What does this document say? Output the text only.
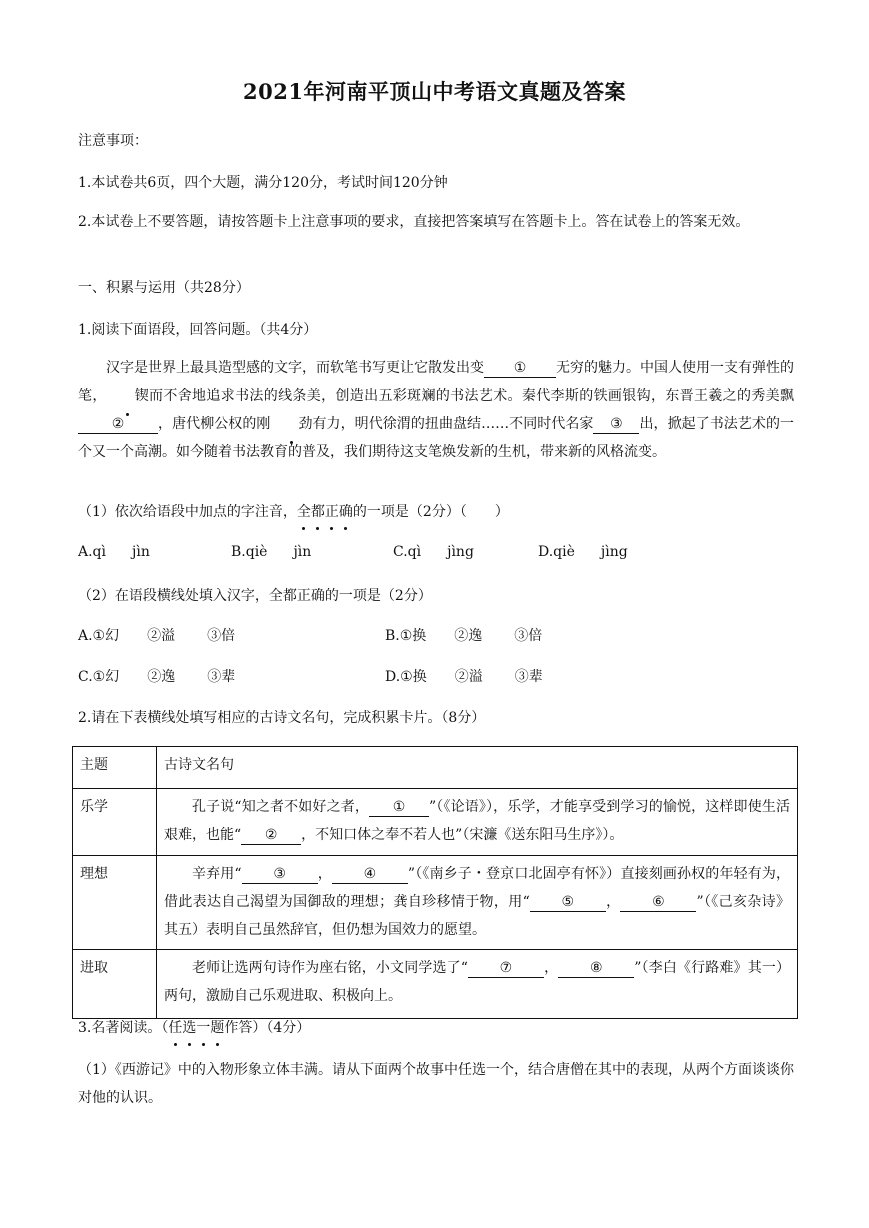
2021年河南平顶山中考语文真题及答案
注意事项：
1.本试卷共6页，四个大题，满分120分，考试时间120分钟
2.本试卷上不要答题，请按答题卡上注意事项的要求，直接把答案填写在答题卡上。答在试卷上的答案无效。
一、积累与运用（共28分）
1.阅读下面语段，回答问题。（共4分）
汉字是世界上最具造型感的文字，而软笔书写更让它散发出变 ① 无穷的魅力。中国人使用一支有弹性的笔， 锲而不舍地追求书法的线条美，创造出五彩斑斓的书法艺术。秦代李斯的铁画银钩，东晋王羲之的秀美飘② ，唐代柳公权的刚 劲有力，明代徐渭的扭曲盘结……不同时代名家 ③ 出，掀起了书法艺术的一个又一个高潮。如今随着书法教育的普及，我们期待这支笔焕发新的生机，带来新的风格流变。
（1）依次给语段中加点的字注音，全都正确的一项是（2分）（　　）
A.qì jìn	B.qiè jìn	C.qì jìng	D.qiè jìng
（2）在语段横线处填入汉字，全都正确的一项是（2分）
A.①幻 ②溢 ③倍	B.①换 ②逸 ③倍
C.①幻 ②逸 ③辈	D.①换 ②溢 ③辈
2.请在下表横线处填写相应的古诗文名句，完成积累卡片。（8分）
主题	古诗文名句
乐学	孔子说“知之者不如好之者， ① ”（《论语》），乐学，才能享受到学习的愉悦，这样即使生活艰难，也能“ ② ，不知口体之奉不若人也”（宋濂《送东阳马生序》）。

理想	辛弃用“ ③ ， ④ ”（《南乡子・登京口北固亭有怀》）直接刻画孙权的年轻有为，借此表达自己渴望为国御敌的理想；龚自珍移情于物，用“ ⑤ ， ⑥ ”（《己亥杂诗》其五）表明自己虽然辞官，但仍想为国效力的愿望。

进取	老师让选两句诗作为座右铭，小文同学选了“ ⑦ ， ⑧ ”（李白《行路难》其一）两句，激励自己乐观进取、积极向上。
3.名著阅读。（任选一题作答）（4分）
（1）《西游记》中的入物形象立体丰满。请从下面两个故事中任选一个，结合唐僧在其中的表现，从两个方面谈谈你对他的认识。
